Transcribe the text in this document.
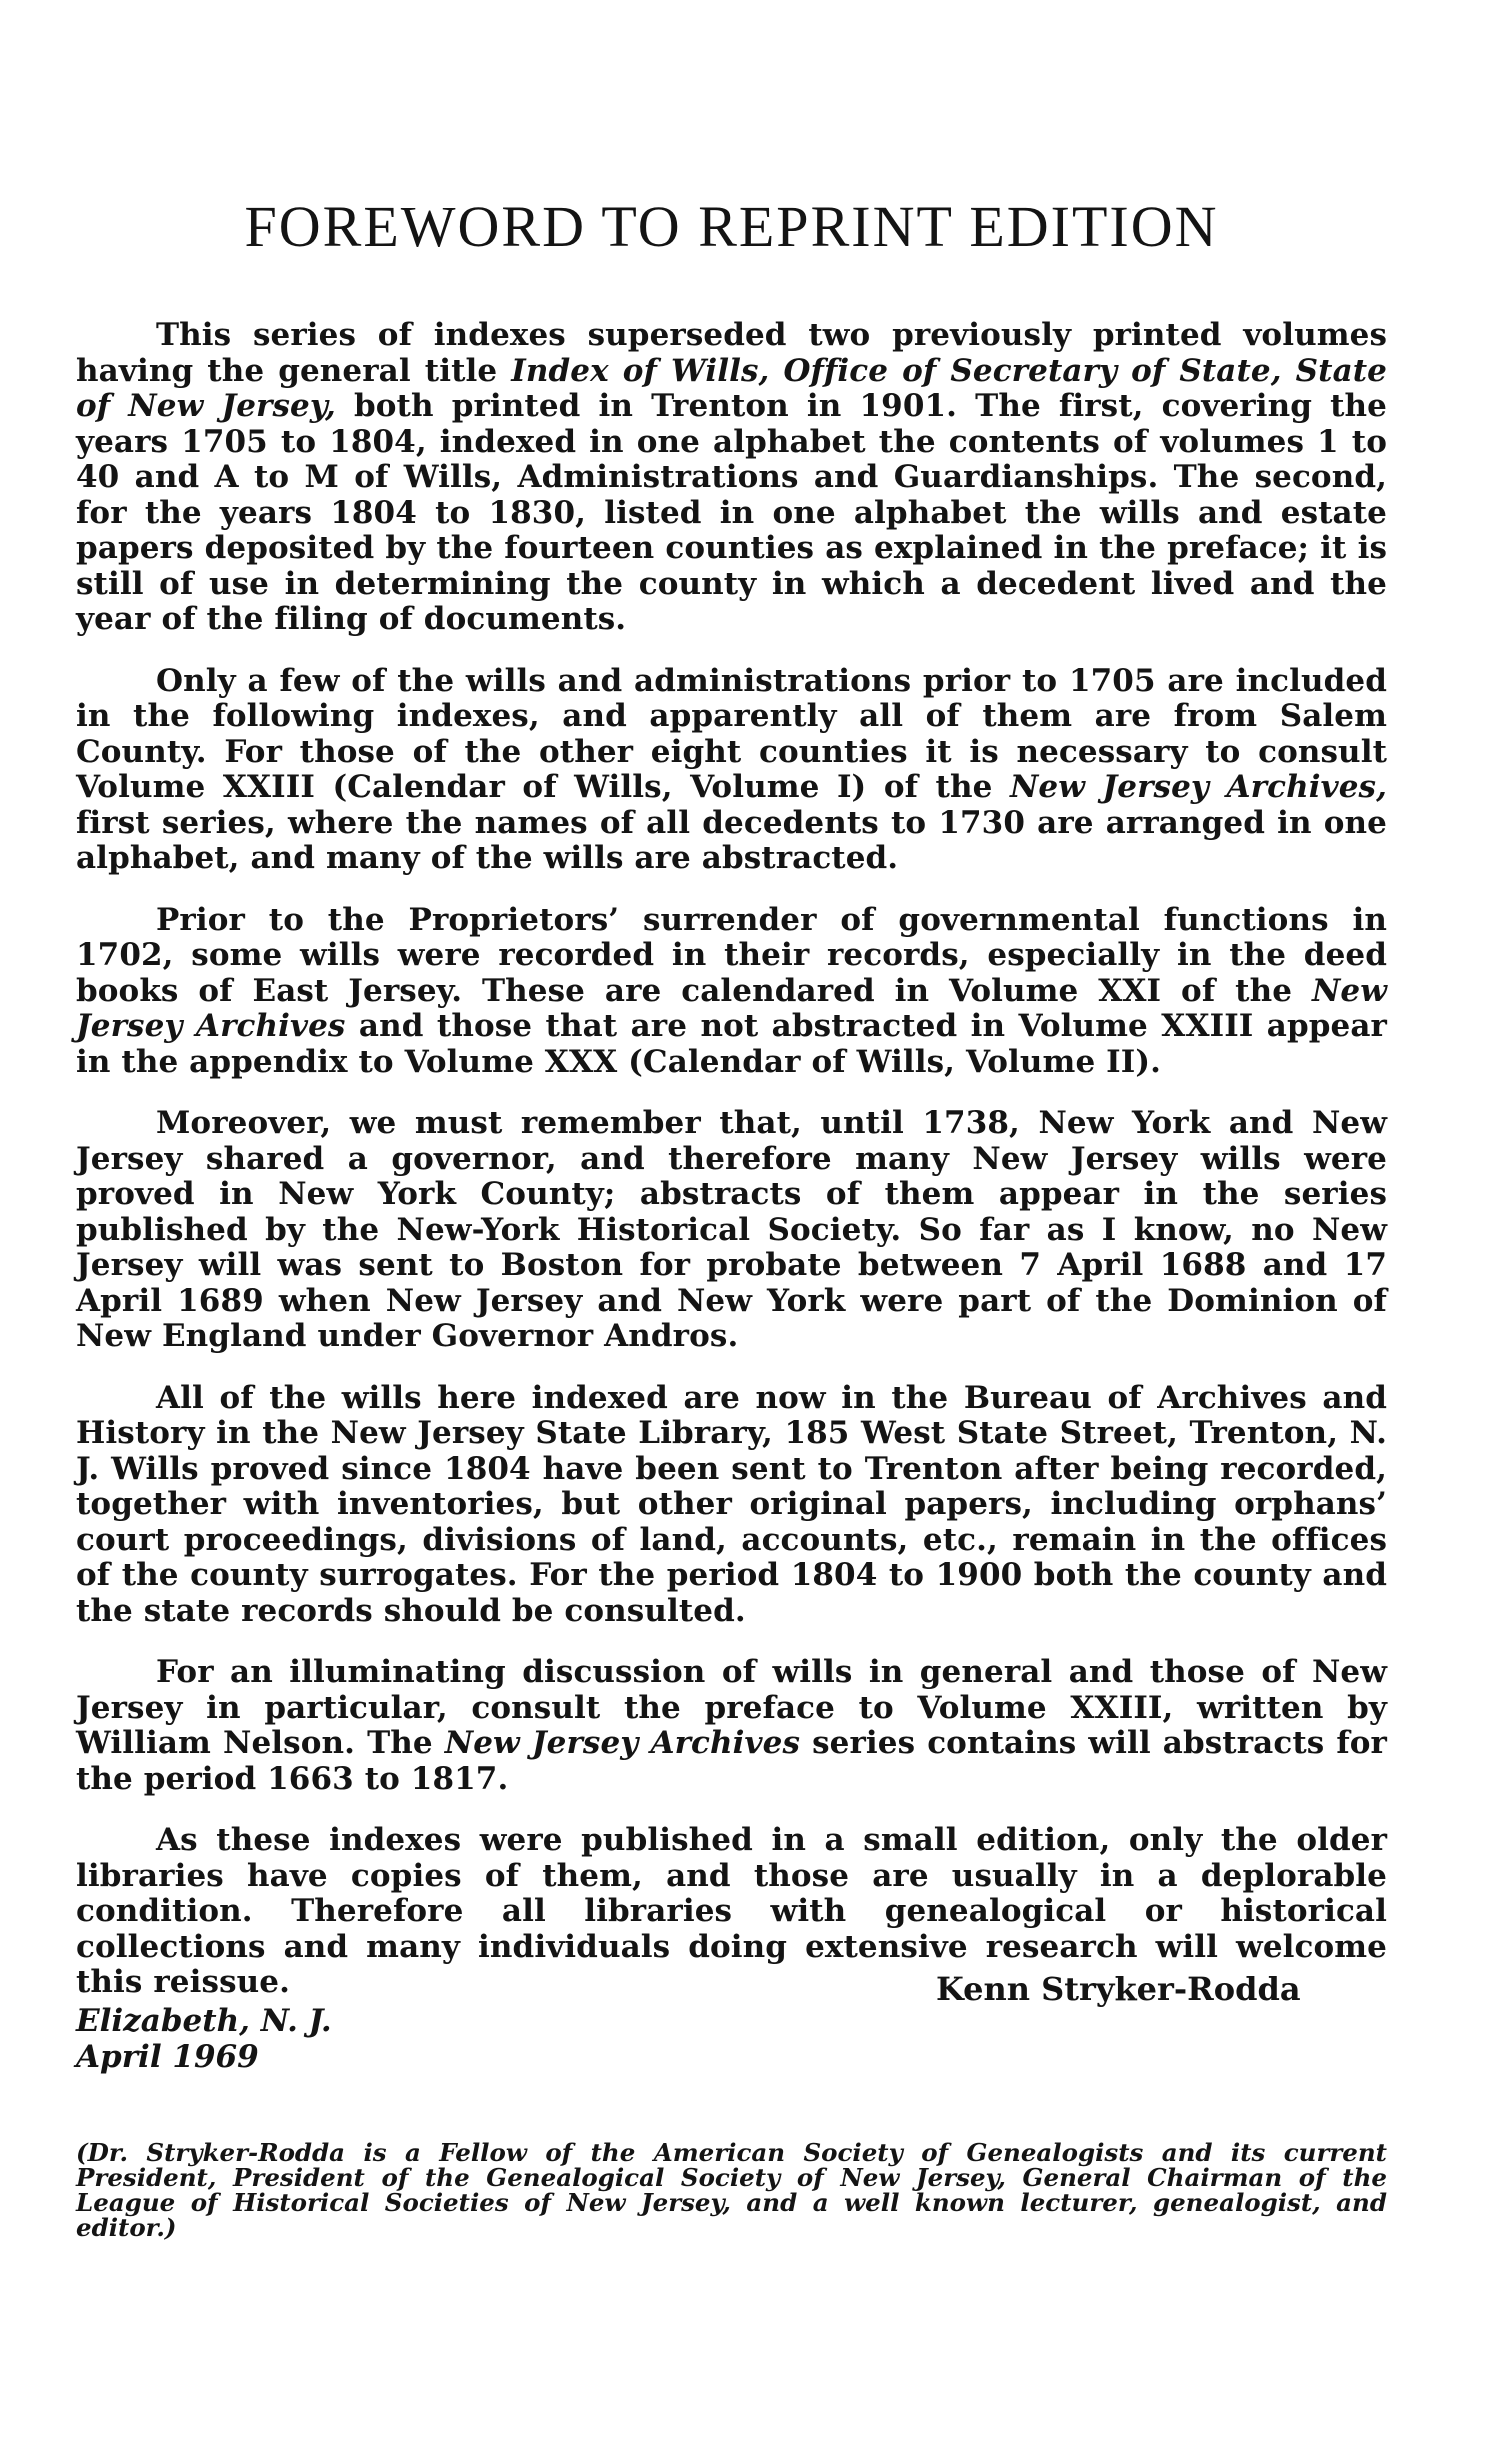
FOREWORD TO REPRINT EDITION

This series of indexes superseded two previously printed volumes having the general title Index of Wills, Office of Secretary of State, State of New Jersey, both printed in Trenton in 1901. The first, covering the years 1705 to 1804, indexed in one alphabet the contents of volumes 1 to 40 and A to M of Wills, Administrations and Guardianships. The second, for the years 1804 to 1830, listed in one alphabet the wills and estate papers deposited by the fourteen counties as explained in the preface; it is still of use in determining the county in which a decedent lived and the year of the filing of documents.

Only a few of the wills and administrations prior to 1705 are included in the following indexes, and apparently all of them are from Salem County. For those of the other eight counties it is necessary to consult Volume XXIII (Calendar of Wills, Volume I) of the New Jersey Archives, first series, where the names of all decedents to 1730 are arranged in one alphabet, and many of the wills are abstracted.

Prior to the Proprietors’ surrender of governmental functions in 1702, some wills were recorded in their records, especially in the deed books of East Jersey. These are calendared in Volume XXI of the New Jersey Archives and those that are not abstracted in Volume XXIII appear in the appendix to Volume XXX (Calendar of Wills, Volume II).

Moreover, we must remember that, until 1738, New York and New Jersey shared a governor, and therefore many New Jersey wills were proved in New York County; abstracts of them appear in the series published by the New-York Historical Society. So far as I know, no New Jersey will was sent to Boston for probate between 7 April 1688 and 17 April 1689 when New Jersey and New York were part of the Dominion of New England under Governor Andros.

All of the wills here indexed are now in the Bureau of Archives and History in the New Jersey State Library, 185 West State Street, Trenton, N. J. Wills proved since 1804 have been sent to Trenton after being recorded, together with inventories, but other original papers, including orphans’ court proceedings, divisions of land, accounts, etc., remain in the offices of the county surrogates. For the period 1804 to 1900 both the county and the state records should be consulted.

For an illuminating discussion of wills in general and those of New Jersey in particular, consult the preface to Volume XXIII, written by William Nelson. The New Jersey Archives series contains will abstracts for the period 1663 to 1817.

As these indexes were published in a small edition, only the older libraries have copies of them, and those are usually in a deplorable condition. Therefore all libraries with genealogical or historical collections and many individuals doing extensive research will welcome this reissue.	Kenn Stryker-Rodda
Elizabeth, N. J.
April 1969
(Dr. Stryker-Rodda is a Fellow of the American Society of Genealogists and its current President, President of the Genealogical Society of New Jersey, General Chairman of the League of Historical Societies of New Jersey, and a well known lecturer, genealogist, and editor.)
